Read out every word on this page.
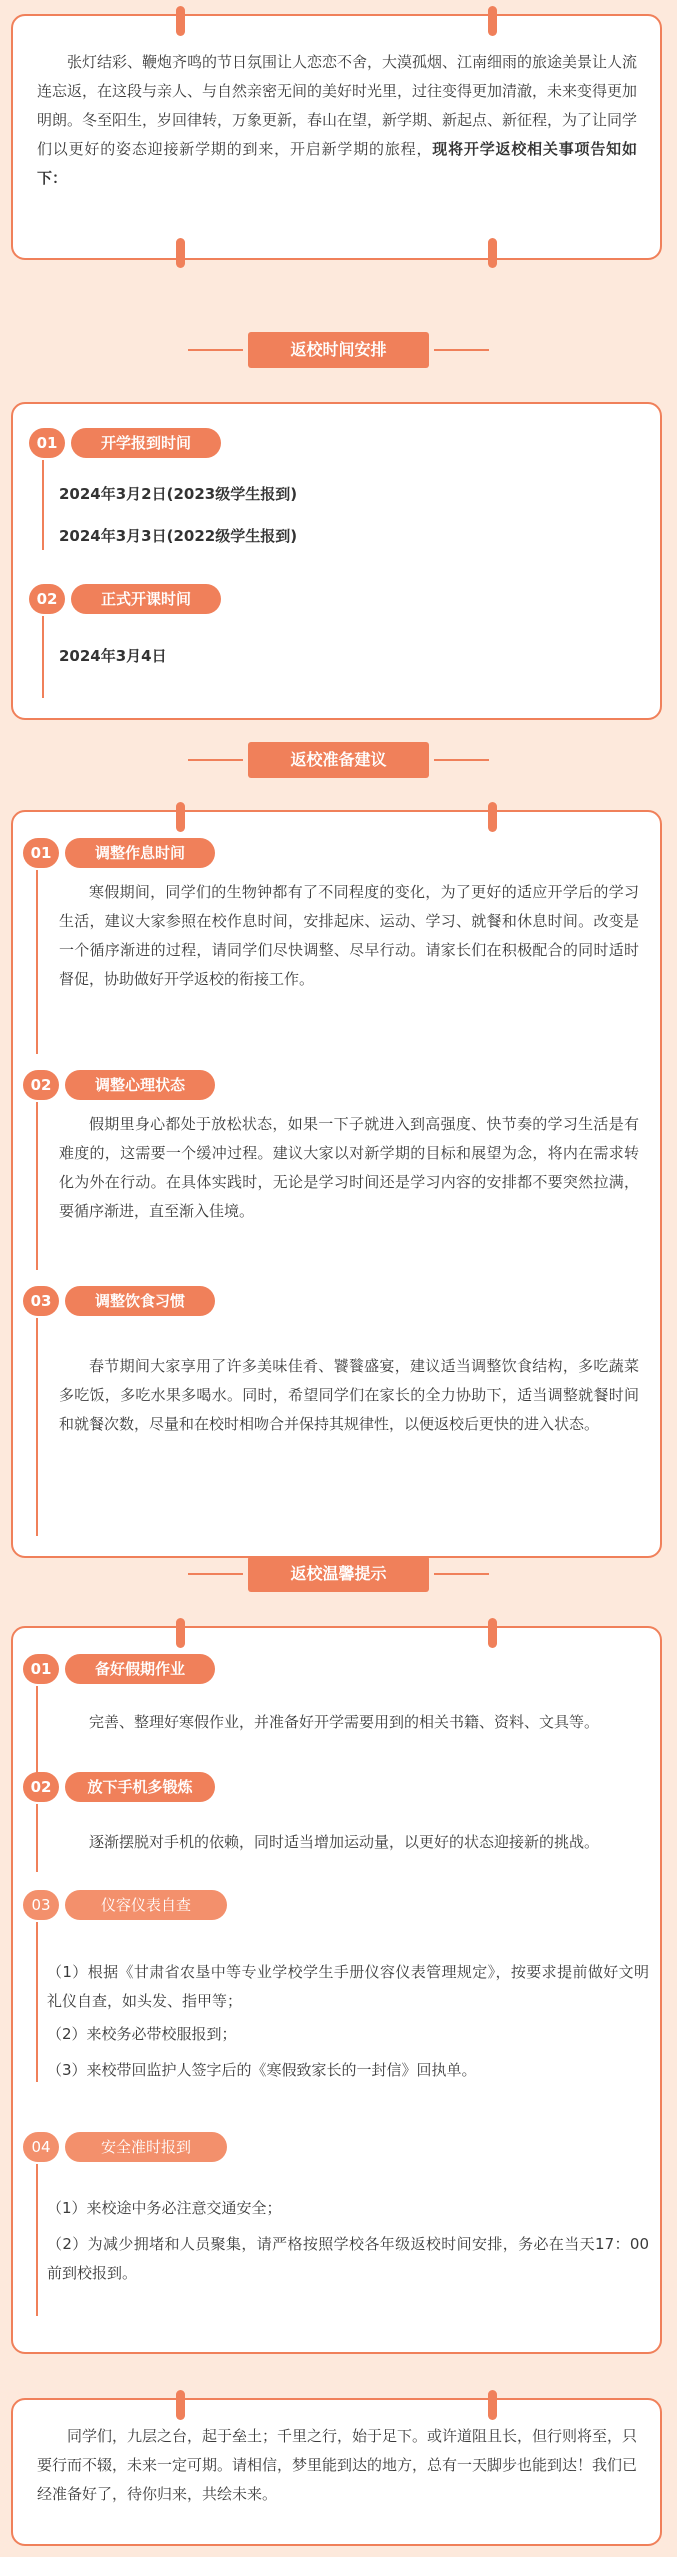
张灯结彩、鞭炮齐鸣的节日氛围让人恋恋不舍，大漠孤烟、江南细雨的旅途美景让人流连忘返，在这段与亲人、与自然亲密无间的美好时光里，过往变得更加清澈，未来变得更加明朗。冬至阳生，岁回律转，万象更新，春山在望，新学期、新起点、新征程，为了让同学们以更好的姿态迎接新学期的到来，开启新学期的旅程，现将开学返校相关事项告知如下：

返校时间安排
01	开学报到时间
2024年3月2日(2023级学生报到)
2024年3月3日(2022级学生报到)
02	正式开课时间
2024年3月4日
返校准备建议
01	调整作息时间

寒假期间，同学们的生物钟都有了不同程度的变化，为了更好的适应开学后的学习生活，建议大家参照在校作息时间，安排起床、运动、学习、就餐和休息时间。改变是一个循序渐进的过程，请同学们尽快调整、尽早行动。请家长们在积极配合的同时适时督促，协助做好开学返校的衔接工作。

02	调整心理状态

假期里身心都处于放松状态，如果一下子就进入到高强度、快节奏的学习生活是有难度的，这需要一个缓冲过程。建议大家以对新学期的目标和展望为念，将内在需求转化为外在行动。在具体实践时，无论是学习时间还是学习内容的安排都不要突然拉满，要循序渐进，直至渐入佳境。

03	调整饮食习惯

春节期间大家享用了许多美味佳肴、饕餮盛宴，建议适当调整饮食结构，多吃蔬菜多吃饭，多吃水果多喝水。同时，希望同学们在家长的全力协助下，适当调整就餐时间和就餐次数，尽量和在校时相吻合并保持其规律性，以便返校后更快的进入状态。

返校温馨提示
01	备好假期作业

完善、整理好寒假作业，并准备好开学需要用到的相关书籍、资料、文具等。

02	放下手机多锻炼

逐渐摆脱对手机的依赖，同时适当增加运动量，以更好的状态迎接新的挑战。

03	仪容仪表自查

（1）根据《甘肃省农垦中等专业学校学生手册仪容仪表管理规定》，按要求提前做好文明礼仪自查，如头发、指甲等；

（2）来校务必带校服报到；
（3）来校带回监护人签字后的《寒假致家长的一封信》回执单。
04	安全准时报到
（1）来校途中务必注意交通安全；

（2）为减少拥堵和人员聚集，请严格按照学校各年级返校时间安排，务必在当天17：00前到校报到。

同学们，九层之台，起于垒土；千里之行，始于足下。或许道阻且长，但行则将至，只要行而不辍，未来一定可期。请相信，梦里能到达的地方，总有一天脚步也能到达！我们已经准备好了，待你归来，共绘未来。
